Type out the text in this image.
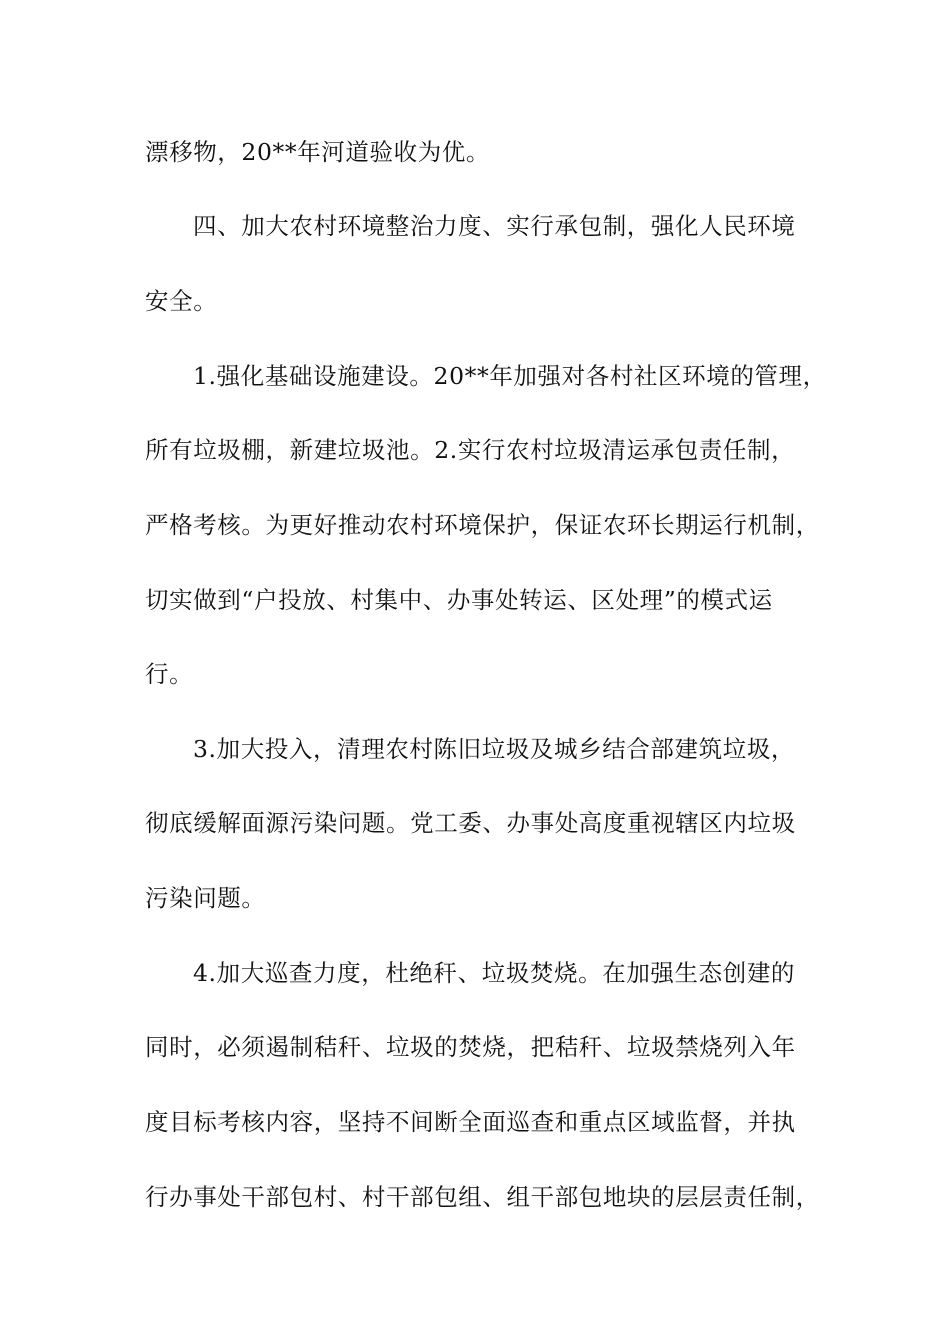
漂移物，20**年河道验收为优。
四、加大农村环境整治力度、实行承包制，强化人民环境
安全。
1.强化基础设施建设。20**年加强对各村社区环境的管理，
所有垃圾棚，新建垃圾池。2.实行农村垃圾清运承包责任制，
严格考核。为更好推动农村环境保护，保证农环长期运行机制，
切实做到“户投放、村集中、办事处转运、区处理”的模式运
行。
3.加大投入，清理农村陈旧垃圾及城乡结合部建筑垃圾，
彻底缓解面源污染问题。党工委、办事处高度重视辖区内垃圾
污染问题。
4.加大巡查力度，杜绝秆、垃圾焚烧。在加强生态创建的
同时，必须遏制秸秆、垃圾的焚烧，把秸秆、垃圾禁烧列入年
度目标考核内容，坚持不间断全面巡查和重点区域监督，并执
行办事处干部包村、村干部包组、组干部包地块的层层责任制，
